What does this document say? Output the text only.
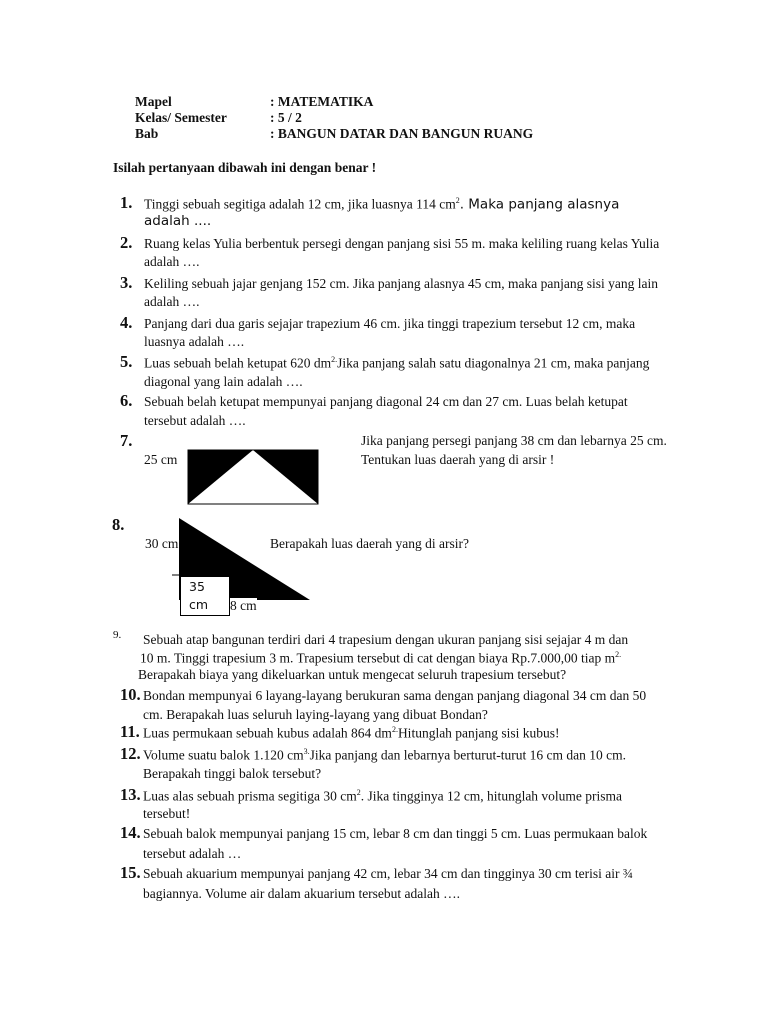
Mapel	: MATEMATIKA
Kelas/ Semester	: 5 / 2
Bab	: BANGUN DATAR DAN BANGUN RUANG
Isilah pertanyaan dibawah ini dengan benar !
1. Tinggi sebuah segitiga adalah 12 cm, jika luasnya 114 $cm^2$. Maka panjang alasnya
adalah ....
2. Ruang kelas Yulia berbentuk persegi dengan panjang sisi 55 m. maka keliling ruang kelas Yulia
adalah ….
3. Keliling sebuah jajar genjang 152 cm. Jika panjang alasnya 45 cm, maka panjang sisi yang lain
adalah ….
4. Panjang dari dua garis sejajar trapezium 46 cm. jika tinggi trapezium tersebut 12 cm, maka
luasnya adalah ….
5. Luas sebuah belah ketupat 620 $dm^{2.}Jika$ panjang salah satu diagonalnya 21 cm, maka panjang
diagonal yang lain adalah ….
6. Sebuah belah ketupat mempunyai panjang diagonal 24 cm dan 27 cm. Luas belah ketupat
tersebut adalah ….
7.
25 cm
Jika panjang persegi panjang 38 cm dan lebarnya 25 cm.
Tentukan luas daerah yang di arsir !
8.
30 cm	Berapakah luas daerah yang di arsir?
35
cm 8 cm
9. Sebuah atap bangunan terdiri dari 4 trapesium dengan ukuran panjang sisi sejajar 4 m dan
10 m. Tinggi trapesium 3 m. Trapesium tersebut di cat dengan biaya Rp.7.000,00 tiap $m^{2.}$
Berapakah biaya yang dikeluarkan untuk mengecat seluruh trapesium tersebut?
10. Bondan mempunyai 6 layang-layang berukuran sama dengan panjang diagonal 34 cm dan 50
cm. Berapakah luas seluruh laying-layang yang dibuat Bondan?
11. Luas permukaan sebuah kubus adalah 864 $dm^{2.}Hitunglah$ panjang sisi kubus!
12. Volume suatu balok 1.120 $cm^{3.}Jika$ panjang dan lebarnya berturut-turut 16 cm dan 10 cm.
Berapakah tinggi balok tersebut?
13. Luas alas sebuah prisma segitiga 30 $cm^2$. Jika tingginya 12 cm, hitunglah volume prisma
tersebut!
14. Sebuah balok mempunyai panjang 15 cm, lebar 8 cm dan tinggi 5 cm. Luas permukaan balok
tersebut adalah …
15. Sebuah akuarium mempunyai panjang 42 cm, lebar 34 cm dan tingginya 30 cm terisi air ¾
bagiannya. Volume air dalam akuarium tersebut adalah ….
